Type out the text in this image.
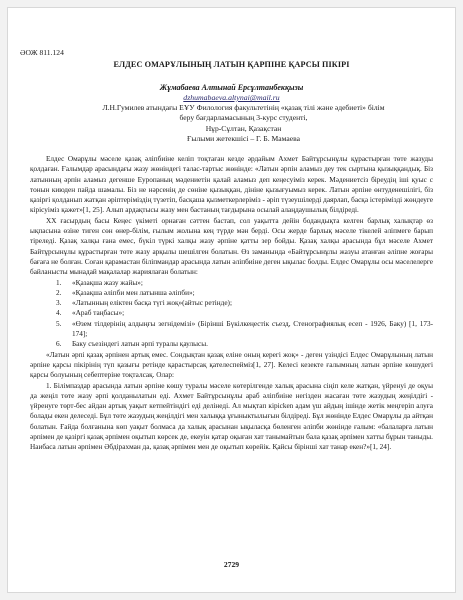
ӘОЖ 811.124
ЕЛДЕС ОМАРҰЛЫНЫҢ ЛАТЫН ҚАРПІНЕ ҚАРСЫ ПІКІРІ
Жұмабаева Алтынай Ерсұлтанбекқызы
dzhumabaeva.altynai@mail.ru
Л.Н.Гумилев атындағы ЕҰУ Филология факультетінің «қазақ тілі және әдебиеті» білім
беру бағдарламасының 3-курс студенті,
Нұр-Сұлтан, Қазақстан
Ғылыми жетекшісі – Г. Б. Мамаева

Елдес Омарұлы мәселе қазақ әліпбиіне келіп тоқтаған кезде әрдайым Ахмет Байтұрсынұлы құрастырған төте жазуды қолдаған. Ғалымдар арасындағы жазу жөніндегі талас-тартыс жөнінде: «Латын әрпін аламыз деу тек сыртына қызыққандық. Біз латынның әрпін аламыз дегенше Еуропаның мәдениетін қалай аламыз деп кеңесуіміз керек. Мәдениетсіз біреудің іші қуыс с тонын киюден пайда шамалы. Біз не нәрсенің де сөніне қызыққан, дініне қызығуымыз керек. Латын әрпіне өнтуденешілігі, біз қазірғі қолданып жатқан әріптеріміздің түзетіп, басқаша қызметкерлеріміз - әріп түзеушілерді даярлап, басқа істерімізді жөндеуге кірісуіміз қажет»[1, 25]. Алып ардақтысы жазу мен бастаның тағдырына осылай алаңдаушылық білдіреді.

ХХ ғасырдың басы Кеңес үкіметі орнаған сәттен бастап, сол уақытта дейін бодандықта келген барлық халықтар өз ықпасына өзіне тиген сөн өнер-білім, ғылым жолына кең түрде мән берді. Осы жерде барлық мәселе тікелей әліпмеге барып тіреледі. Қазақ халқы ғана емес, бүкіл түркі халқы жазу әрпіне қатты зер бойды. Қазақ халқы арасында бұл мәселе Ахмет Байтұрсынұлы құрастырған төте жазу арқылы шешілген болатын. Өз заманында «Байтұрсынұлы жазуы атанған әліпне жоғары бағаға не болған. Соған қарамастан біліпмандар арасында латын әліпбиіне деген ықылас болды. Елдес Омарұлы осы мәселелерге байланысты мынадай мақалалар жариялаған болатын:

1.	«Қазақша жазу жайы»;
2.	«Қазақша әліпби мен латынша әліпби»;
3.	«Латынның еліктен басқа түгі жоқ»(айтыс ретінде);
4.	«Араб таңбасы»;
5.	«Өзем тілдерінің алдыңғы зегнідемізі» (Бірінші Бүкілкеңестік съезд, Стенографиялық есеп - 1926, Баку) [1, 173-174];
6.	Баку съезіндегі латын әрпі туралы қаулысы.

«Латын әрпі қазақ әрпінен артық емес. Сондықтан қазақ еліне оның керегі жоқ» - деген үзіндісі Елдес Омарұлының латын әрпіне қарсы пікірінің түп қазығы ретінде қарастырсақ қателеспейміз[1, 27]. Келесі кезекте ғалымның латын әрпіне көшудегі қарсы болуының себептеріне тоқталсақ. Олар:

1. Білімпаздар арасында латын әрпіне көшу туралы мәселе көтерілгенде халық арасына сіңіп келе жатқан, үйренуі де оқуы да жеңіл төте жазу әрпі қолданылатын еді. Ахмет Байтұрсынұлы араб әліпбиіне негізден жасаған төте жазудың жеңілдігі - үйренуге төрт-бес айдан артық уақыт кетпейтіндігі еді делінеді. Ал мықтап кірісken адам үш айдың ішінде жетік меңгеріп алуға болады екен делеседі. Бұл төте жазудың жеңілдігі мен халыққа ұғыныктылығын білдіреді. Бұл жөнінде Елдес Омарұлы да айтқан болатын. Ғайда болғанына көп уақыт болмаса да халық арасынан ықыласқа бөленген әліпби жөнінде ғалым: «балаларға латын әрпімен де қазіргі қазақ әрпімен оқытып көрсек де, екеуін қатар оқыған хат танымайтын бала қазақ әрпімен хатты бұрын таныды. Наибаса латын әрпімен Әбдірахман да, қазақ әрпімен мен де оқытып көрейік. Қайсы бірінші хат танар екен?»[1, 24].

2729
